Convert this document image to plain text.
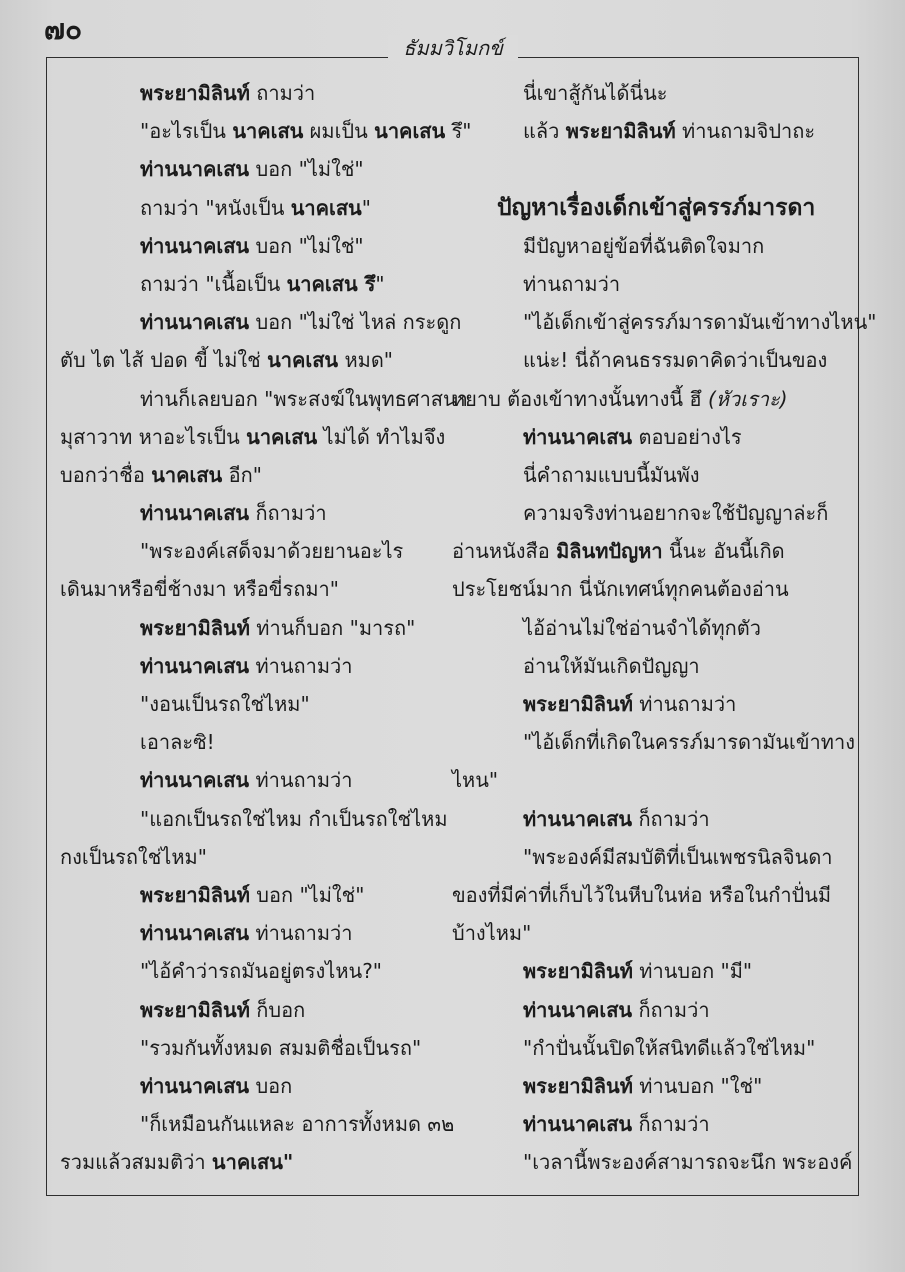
๗๐
ธัมมวิโมกข์
พระยามิลินท์ ถามว่า
"อะไรเป็น นาคเสน ผมเป็น นาคเสน รึ"
ท่านนาคเสน บอก "ไม่ใช่"
ถามว่า "หนังเป็น นาคเสน"
ท่านนาคเสน บอก "ไม่ใช่"
ถามว่า "เนื้อเป็น นาคเสน รึ"
ท่านนาคเสน บอก "ไม่ใช่ ไหล่ กระดูก
ตับ ไต ไส้ ปอด ขี้ ไม่ใช่ นาคเสน หมด"
ท่านก็เลยบอก "พระสงฆ์ในพุทธศาสนา
มุสาวาท หาอะไรเป็น นาคเสน ไม่ได้ ทำไมจึง
บอกว่าชื่อ นาคเสน อีก"
ท่านนาคเสน ก็ถามว่า
"พระองค์เสด็จมาด้วยยานอะไร
เดินมาหรือขี่ช้างมา หรือขี่รถมา"
พระยามิลินท์ ท่านก็บอก "มารถ"
ท่านนาคเสน ท่านถามว่า
"งอนเป็นรถใช่ไหม"
เอาละซิ!
ท่านนาคเสน ท่านถามว่า
"แอกเป็นรถใช่ไหม กำเป็นรถใช่ไหม
กงเป็นรถใช่ไหม"
พระยามิลินท์ บอก "ไม่ใช่"
ท่านนาคเสน ท่านถามว่า
"ไอ้คำว่ารถมันอยู่ตรงไหน?"
พระยามิลินท์ ก็บอก
"รวมกันทั้งหมด สมมติชื่อเป็นรถ"
ท่านนาคเสน บอก
"ก็เหมือนกันแหละ อาการทั้งหมด ๓๒
รวมแล้วสมมติว่า นาคเสน"
นี่เขาสู้กันได้นี่นะ
แล้ว พระยามิลินท์ ท่านถามจิปาถะ
ปัญหาเรื่องเด็กเข้าสู่ครรภ์มารดา
มีปัญหาอยู่ข้อที่ฉันติดใจมาก
ท่านถามว่า
"ไอ้เด็กเข้าสู่ครรภ์มารดามันเข้าทางไหน"
แน่ะ! นี่ถ้าคนธรรมดาคิดว่าเป็นของ
หยาบ ต้องเข้าทางนั้นทางนี้ ฮึ (หัวเราะ)
ท่านนาคเสน ตอบอย่างไร
นี่คำถามแบบนี้มันพัง
ความจริงท่านอยากจะใช้ปัญญาล่ะก็
อ่านหนังสือ มิลินทปัญหา นี้นะ อันนี้เกิด
ประโยชน์มาก นี่นักเทศน์ทุกคนต้องอ่าน
ไอ้อ่านไม่ใช่อ่านจำได้ทุกตัว
อ่านให้มันเกิดปัญญา
พระยามิลินท์ ท่านถามว่า
"ไอ้เด็กที่เกิดในครรภ์มารดามันเข้าทาง
ไหน"
ท่านนาคเสน ก็ถามว่า
"พระองค์มีสมบัติที่เป็นเพชรนิลจินดา
ของที่มีค่าที่เก็บไว้ในหีบในห่อ หรือในกำปั่นมี
บ้างไหม"
พระยามิลินท์ ท่านบอก "มี"
ท่านนาคเสน ก็ถามว่า
"กำปั่นนั้นปิดให้สนิทดีแล้วใช่ไหม"
พระยามิลินท์ ท่านบอก "ใช่"
ท่านนาคเสน ก็ถามว่า
"เวลานี้พระองค์สามารถจะนึก พระองค์
